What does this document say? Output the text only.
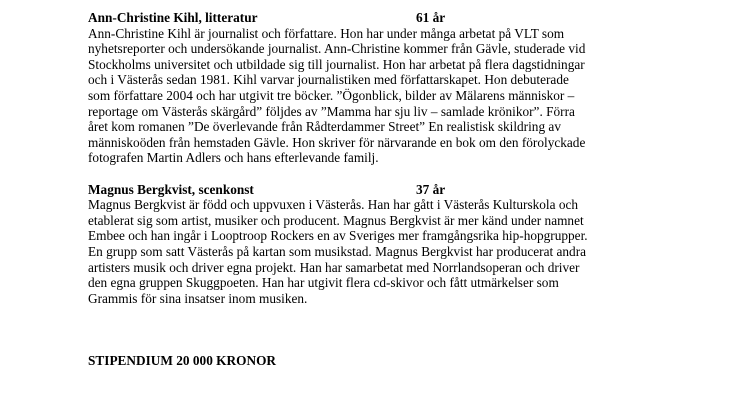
Ann-Christine Kihl, litteratur	61 år
Ann-Christine Kihl är journalist och författare. Hon har under många arbetat på VLT som
nyhetsreporter och undersökande journalist. Ann-Christine kommer från Gävle, studerade vid
Stockholms universitet och utbildade sig till journalist. Hon har arbetat på flera dagstidningar
och i Västerås sedan 1981. Kihl varvar journalistiken med författarskapet. Hon debuterade
som författare 2004 och har utgivit tre böcker. ”Ögonblick, bilder av Mälarens människor –
reportage om Västerås skärgård” följdes av ”Mamma har sju liv – samlade krönikor”. Förra
året kom romanen ”De överlevande från Rådterdammer Street” En realistisk skildring av
människoöden från hemstaden Gävle. Hon skriver för närvarande en bok om den förolyckade
fotografen Martin Adlers och hans efterlevande familj.
Magnus Bergkvist, scenkonst	37 år
Magnus Bergkvist är född och uppvuxen i Västerås. Han har gått i Västerås Kulturskola och
etablerat sig som artist, musiker och producent. Magnus Bergkvist är mer känd under namnet
Embee och han ingår i Looptroop Rockers en av Sveriges mer framgångsrika hip-hopgrupper.
En grupp som satt Västerås på kartan som musikstad. Magnus Bergkvist har producerat andra
artisters musik och driver egna projekt. Han har samarbetat med Norrlandsoperan och driver
den egna gruppen Skuggpoeten. Han har utgivit flera cd-skivor och fått utmärkelser som
Grammis för sina insatser inom musiken.
STIPENDIUM 20 000 KRONOR
